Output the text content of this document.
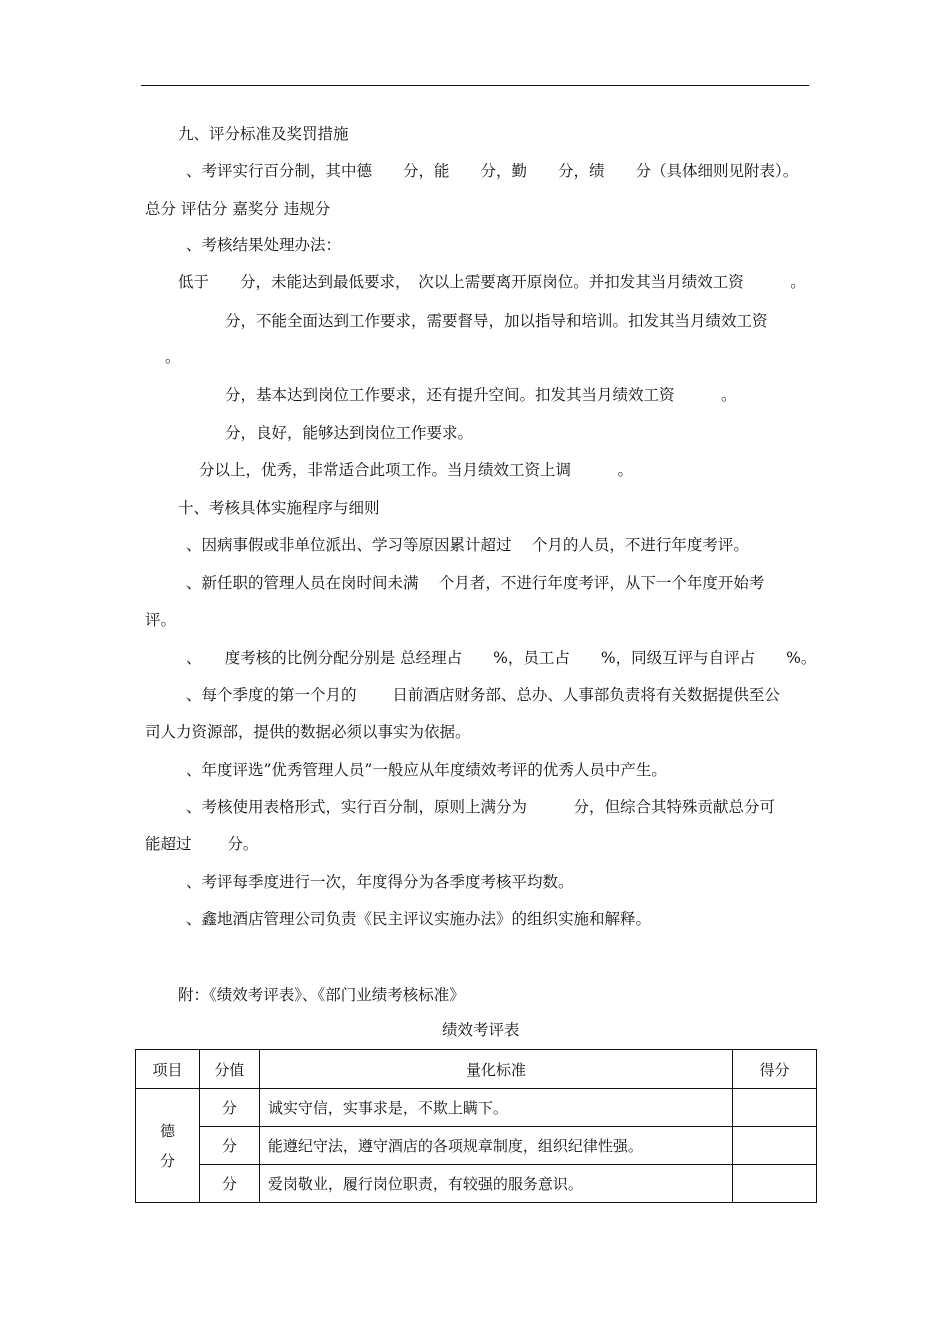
九、评分标准及奖罚措施
、考评实行百分制，其中德　　分，能　　分，勤　　分，绩　　分（具体细则见附表）。
总分 评估分 嘉奖分 违规分
、考核结果处理办法：
低于　　分，未能达到最低要求，　次以上需要离开原岗位。并扣发其当月绩效工资　　　。
分，不能全面达到工作要求，需要督导，加以指导和培训。扣发其当月绩效工资
。
分，基本达到岗位工作要求，还有提升空间。扣发其当月绩效工资　　　。
分，良好，能够达到岗位工作要求。
分以上，优秀，非常适合此项工作。当月绩效工资上调　　　。
十、考核具体实施程序与细则
、因病事假或非单位派出、学习等原因累计超过　 个月的人员，不进行年度考评。
、新任职的管理人员在岗时间未满　 个月者，不进行年度考评，从下一个年度开始考
评。
、　　度考核的比例分配分别是 总经理占　　%，员工占　　%，同级互评与自评占　　%。
、每个季度的第一个月的　　 日前酒店财务部、总办、人事部负责将有关数据提供至公
司人力资源部，提供的数据必须以事实为依据。
、年度评选”优秀管理人员”一般应从年度绩效考评的优秀人员中产生。
、考核使用表格形式，实行百分制，原则上满分为　　　分，但综合其特殊贡献总分可
能超过　　 分。
、考评每季度进行一次，年度得分为各季度考核平均数。
、鑫地酒店管理公司负责《民主评议实施办法》的组织实施和解释。
附：《绩效考评表》、《部门业绩考核标准》
绩效考评表
项目	分值	量化标准	得分

德
分	分	诚实守信，实事求是，不欺上瞒下。	
	分	能遵纪守法，遵守酒店的各项规章制度，组织纪律性强。	
	分	爱岗敬业，履行岗位职责，有较强的服务意识。	
